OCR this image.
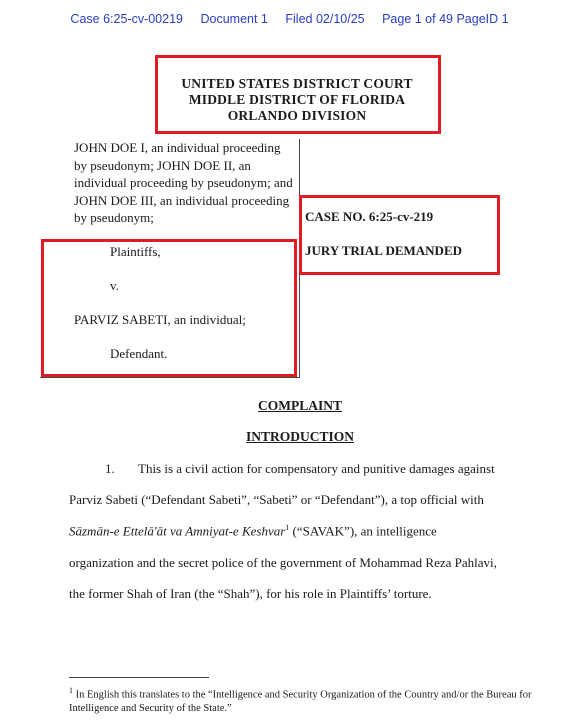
Case 6:25-cv-00219 Document 1 Filed 02/10/25 Page 1 of 49 PageID 1
UNITED STATES DISTRICT COURT
MIDDLE DISTRICT OF FLORIDA
ORLANDO DIVISION
JOHN DOE I, an individual proceeding by pseudonym; JOHN DOE II, an individual proceeding by pseudonym; and JOHN DOE III, an individual proceeding by pseudonym;
Plaintiffs,
v.
PARVIZ SABETI, an individual;
Defendant.
CASE NO. 6:25-cv-219
JURY TRIAL DEMANDED
COMPLAINT
INTRODUCTION
1. This is a civil action for compensatory and punitive damages against
Parviz Sabeti (“Defendant Sabeti”, “Sabeti” or “Defendant”), a top official with
Sāzmān-e Ettelā'āt va Amniyat-e Keshvar$^1$ (“SAVAK”), an intelligence
organization and the secret police of the government of Mohammad Reza Pahlavi,
the former Shah of Iran (the “Shah”), for his role in Plaintiffs’ torture.
$^1$ In English this translates to the “Intelligence and Security Organization of the Country and/or the Bureau for Intelligence and Security of the State.”
